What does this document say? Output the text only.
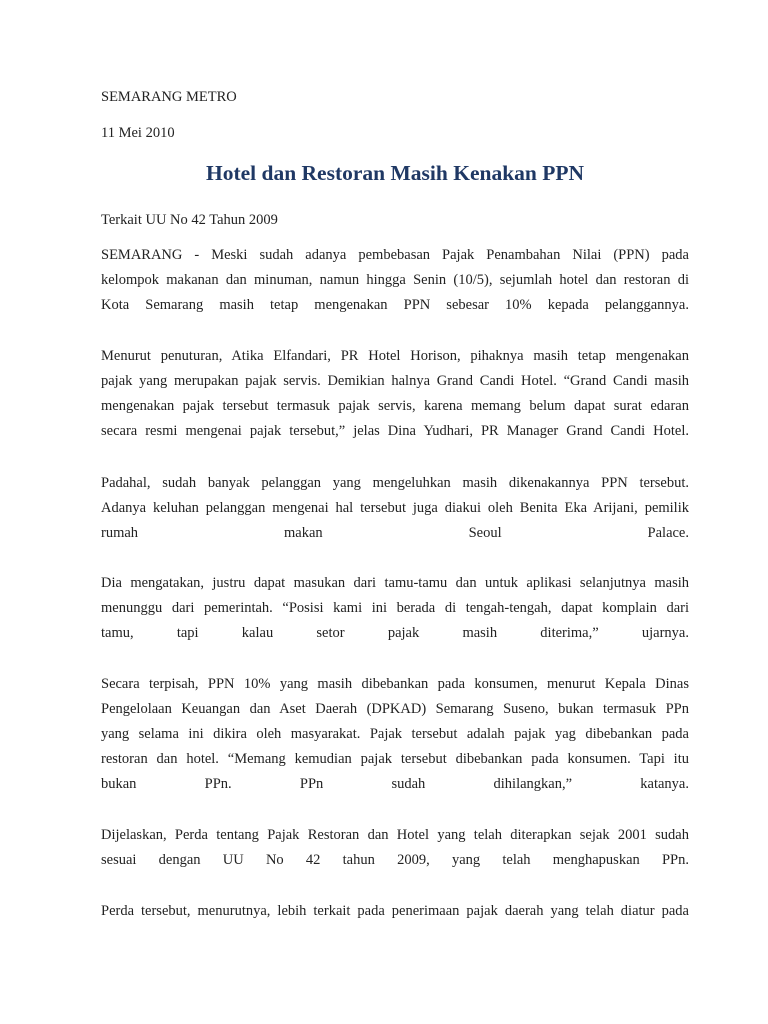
SEMARANG METRO
11 Mei 2010
Hotel dan Restoran Masih Kenakan PPN
Terkait UU No 42 Tahun 2009
SEMARANG - Meski sudah adanya pembebasan Pajak Penambahan Nilai (PPN) pada
kelompok makanan dan minuman, namun hingga Senin (10/5), sejumlah hotel dan restoran di
Kota Semarang masih tetap mengenakan PPN sebesar 10% kepada pelanggannya.
Menurut penuturan, Atika Elfandari, PR Hotel Horison, pihaknya masih tetap mengenakan
pajak yang merupakan pajak servis. Demikian halnya Grand Candi Hotel. “Grand Candi masih
mengenakan pajak tersebut termasuk pajak servis, karena memang belum dapat surat edaran
secara resmi mengenai pajak tersebut,” jelas Dina Yudhari, PR Manager Grand Candi Hotel.
Padahal, sudah banyak pelanggan yang mengeluhkan masih dikenakannya PPN tersebut.
Adanya keluhan pelanggan mengenai hal tersebut juga diakui oleh Benita Eka Arijani, pemilik
rumah makan Seoul Palace.
Dia mengatakan, justru dapat masukan dari tamu-tamu dan untuk aplikasi selanjutnya masih
menunggu dari pemerintah. “Posisi kami ini berada di tengah-tengah, dapat komplain dari
tamu, tapi kalau setor pajak masih diterima,” ujarnya.
Secara terpisah, PPN 10% yang masih dibebankan pada konsumen, menurut Kepala Dinas
Pengelolaan Keuangan dan Aset Daerah (DPKAD) Semarang Suseno, bukan termasuk PPn
yang selama ini dikira oleh masyarakat. Pajak tersebut adalah pajak yag dibebankan pada
restoran dan hotel. “Memang kemudian pajak tersebut dibebankan pada konsumen. Tapi itu
bukan PPn. PPn sudah dihilangkan,” katanya.
Dijelaskan, Perda tentang Pajak Restoran dan Hotel yang telah diterapkan sejak 2001 sudah
sesuai dengan UU No 42 tahun 2009, yang telah menghapuskan PPn.
Perda tersebut, menurutnya, lebih terkait pada penerimaan pajak daerah yang telah diatur pada
